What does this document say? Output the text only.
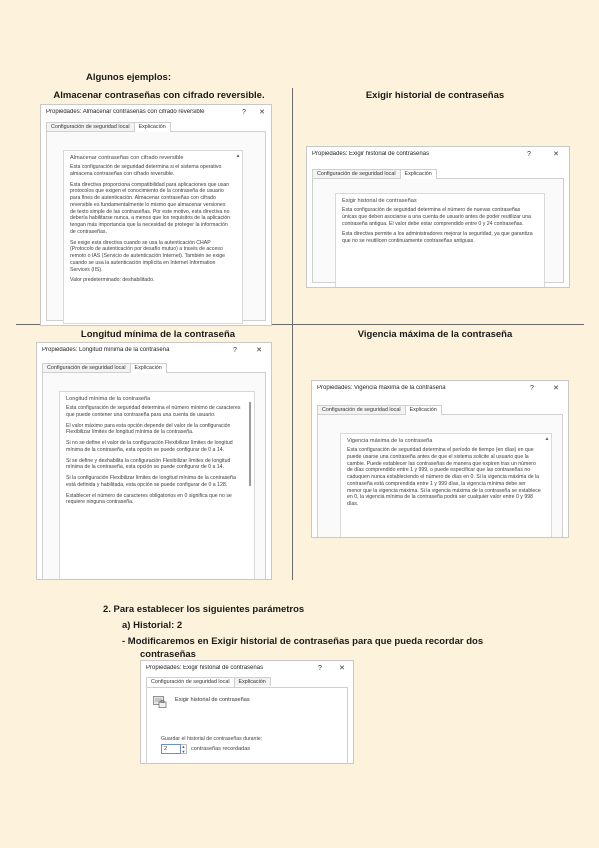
Algunos ejemplos:
Almacenar contraseñas con cifrado reversible.	Exigir historial de contraseñas
Longitud mínima de la contraseña	Vigencia máxima de la contraseña
Propiedades: Almacenar contraseñas con cifrado reversible	?	✕
Configuración de seguridad local	Explicación
Almacenar contraseñas con cifrado reversible

Esta configuración de seguridad determina si el sistema operativo almacena contraseñas con cifrado reversible.

Esta directiva proporciona compatibilidad para aplicaciones que usan protocolos que exigen el conocimiento de la contraseña de usuario para fines de autenticación. Almacenar contraseñas con cifrado reversible es fundamentalmente lo mismo que almacenar versiones de texto simple de las contraseñas. Por este motivo, esta directiva no debería habilitarse nunca, a menos que los requisitos de la aplicación tengan más importancia que la necesidad de proteger la información de contraseñas.

Se exige esta directiva cuando se usa la autenticación CHAP (Protocolo de autenticación por desafío mutuo) a través de acceso remoto o IAS (Servicio de autenticación Internet). También se exige cuando se usa la autenticación implícita en Internet Information Services (IIS).

Valor predeterminado: deshabilitado.

▲	Propiedades: Exigir historial de contraseñas	?	✕
Configuración de seguridad local	Explicación
Exigir historial de contraseñas

Esta configuración de seguridad determina el número de nuevas contraseñas únicas que deben asociarse a una cuenta de usuario antes de poder reutilizar una contraseña antigua. El valor debe estar comprendido entre 0 y 24 contraseñas.

Esta directiva permite a los administradores mejorar la seguridad, ya que garantiza que no se reutilicen continuamente contraseñas antiguas.

Propiedades: Longitud mínima de la contraseña	?	✕
Configuración de seguridad local	Explicación
Longitud mínima de la contraseña

Esta configuración de seguridad determina el número mínimo de caracteres que puede contener una contraseña para una cuenta de usuario.

El valor máximo para esta opción depende del valor de la configuración Flexibilizar límites de longitud mínima de la contraseña.

Si no se define el valor de la configuración Flexibilizar límites de longitud mínima de la contraseña, esta opción se puede configurar de 0 a 14.

Si se define y deshabilita la configuración Flexibilizar límites de longitud mínima de la contraseña, esta opción se puede configurar de 0 a 14.

Si la configuración Flexibilizar límites de longitud mínima de la contraseña está definida y habilitada, esta opción se puede configurar de 0 a 128.

Establecer el número de caracteres obligatorios en 0 significa que no se requiere ninguna contraseña.

Propiedades: Vigencia máxima de la contraseña	?	✕
Configuración de seguridad local	Explicación
Vigencia máxima de la contraseña

Esta configuración de seguridad determina el período de tiempo (en días) en que puede usarse una contraseña antes de que el sistema solicite al usuario que la cambie. Puede establecer las contraseñas de manera que expiren tras un número de días comprendido entre 1 y 999, o puede especificar que las contraseñas no caduquen nunca estableciendo el número de días en 0. Si la vigencia máxima de la contraseña está comprendida entre 1 y 999 días, la vigencia mínima debe ser menor que la vigencia máxima. Si la vigencia máxima de la contraseña se establece en 0, la vigencia mínima de la contraseña podrá ser cualquier valor entre 0 y 998 días.

▲
2. Para establecer los siguientes parámetros
a) Historial: 2
- Modificaremos en Exigir historial de contraseñas para que pueda recordar dos
contraseñas
Propiedades: Exigir historial de contraseñas	?	✕
Configuración de seguridad local	Explicación
Exigir historial de contraseñas
Guardar el historial de contraseñas durante:
2	▲
▼ contraseñas recordadas
